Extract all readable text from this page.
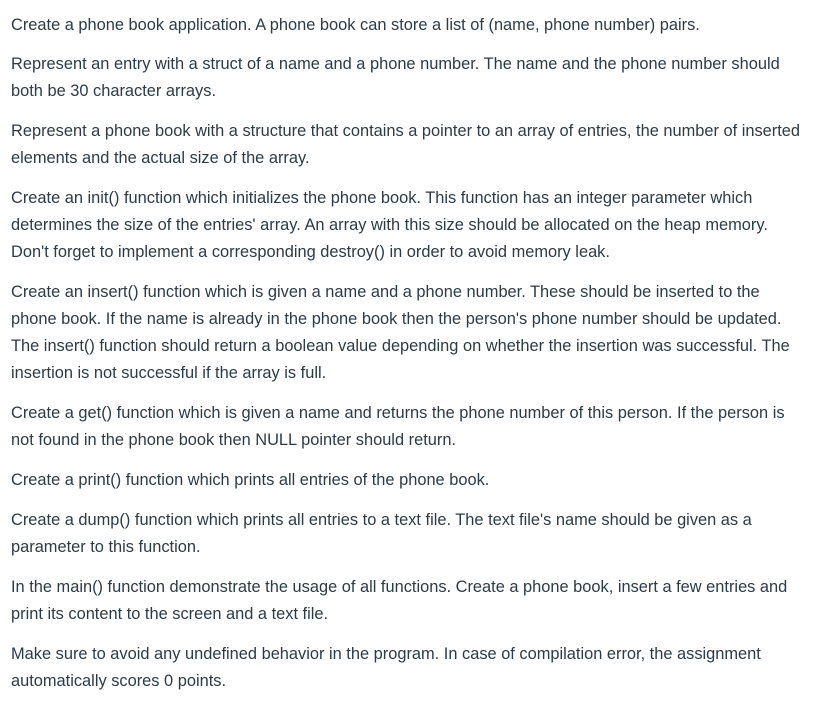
Create a phone book application. A phone book can store a list of (name, phone number) pairs.

Represent an entry with a struct of a name and a phone number. The name and the phone number should both be 30 character arrays.

Represent a phone book with a structure that contains a pointer to an array of entries, the number of inserted elements and the actual size of the array.

Create an init() function which initializes the phone book. This function has an integer parameter which determines the size of the entries' array. An array with this size should be allocated on the heap memory. Don't forget to implement a corresponding destroy() in order to avoid memory leak.

Create an insert() function which is given a name and a phone number. These should be inserted to the phone book. If the name is already in the phone book then the person's phone number should be updated. The insert() function should return a boolean value depending on whether the insertion was successful. The insertion is not successful if the array is full.

Create a get() function which is given a name and returns the phone number of this person. If the person is not found in the phone book then NULL pointer should return.

Create a print() function which prints all entries of the phone book.

Create a dump() function which prints all entries to a text file. The text file's name should be given as a parameter to this function.

In the main() function demonstrate the usage of all functions. Create a phone book, insert a few entries and print its content to the screen and a text file.

Make sure to avoid any undefined behavior in the program. In case of compilation error, the assignment automatically scores 0 points.
